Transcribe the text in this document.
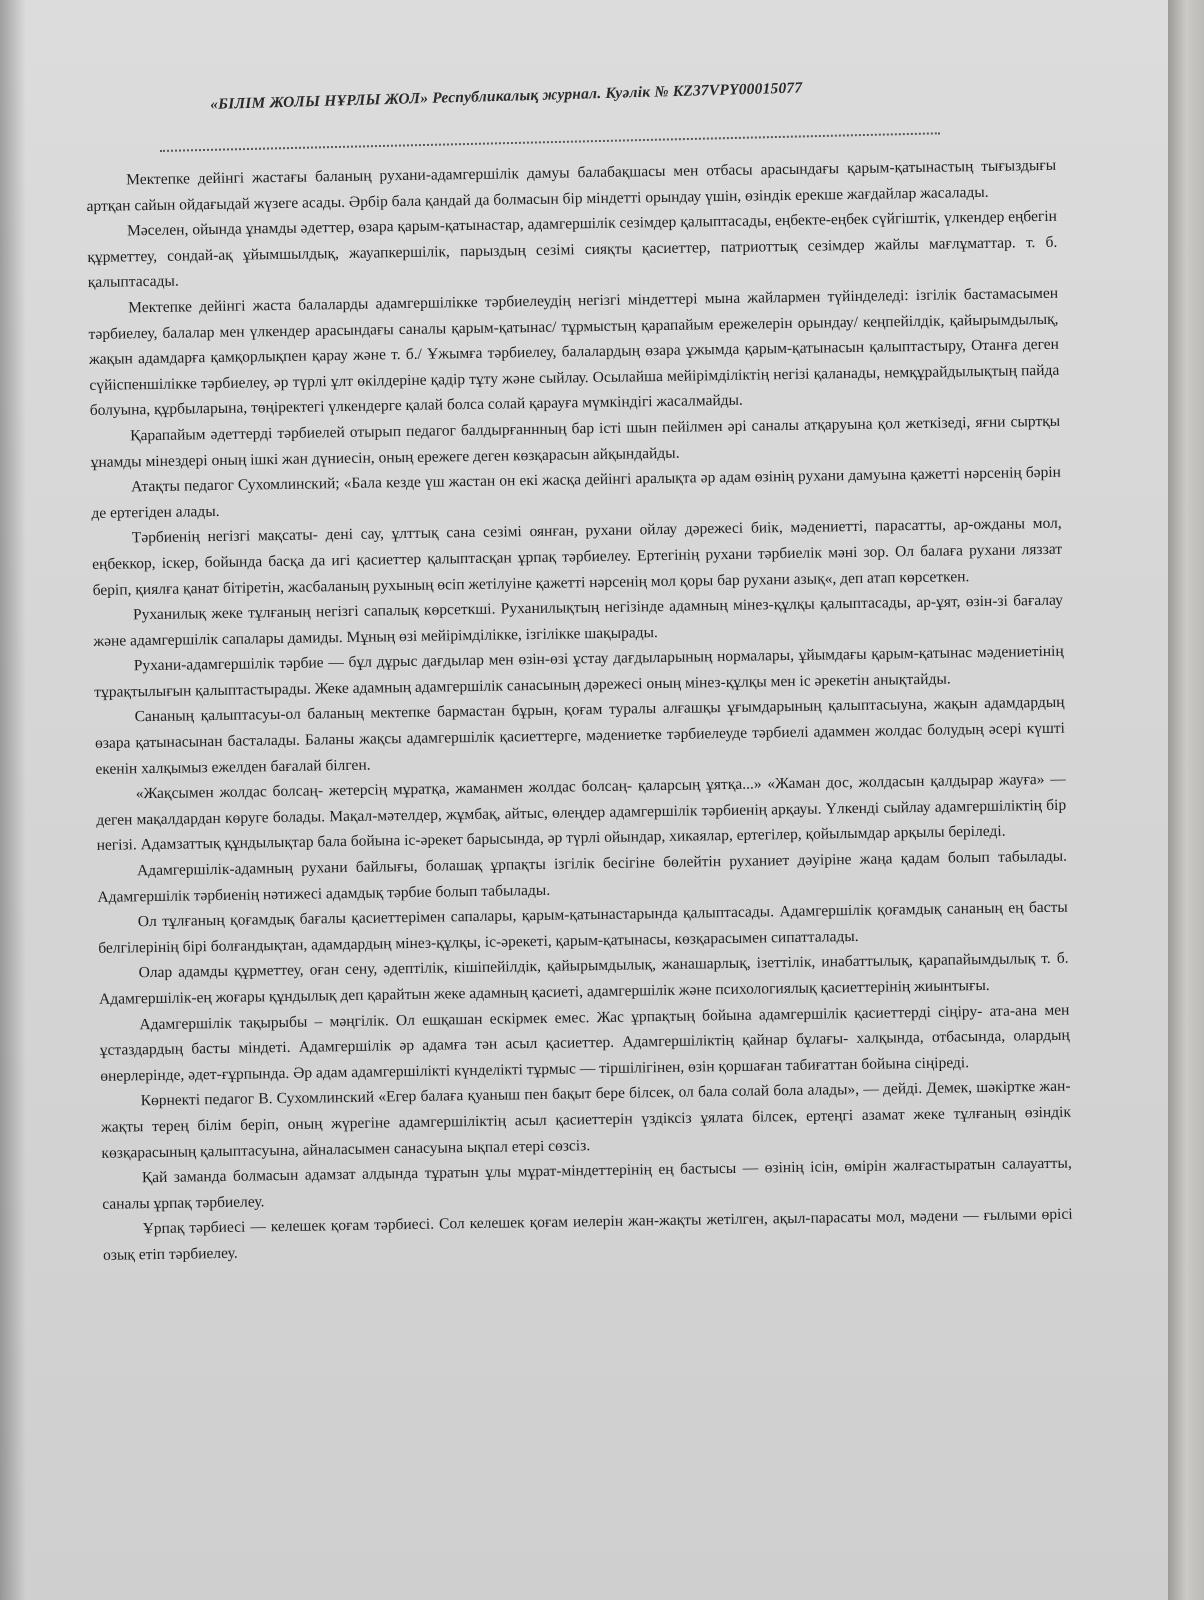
«БІЛІМ ЖОЛЫ НҰРЛЫ ЖОЛ» Республикалық журнал. Куәлік № KZ37VPY00015077

Мектепке дейінгі жастағы баланың рухани-адамгершілік дамуы балабақшасы мен отбасы арасындағы қарым-қатынастың тығыздығы артқан сайын ойдағыдай жүзеге асады. Әрбір бала қандай да болмасын бір міндетті орындау үшін, өзіндік ерекше жағдайлар жасалады.

Мәселен, ойында ұнамды әдеттер, өзара қарым-қатынастар, адамгершілік сезімдер қалыптасады, еңбекте-еңбек сүйгіштік, үлкендер еңбегін құрметтеу, сондай-ақ ұйымшылдық, жауапкершілік, парыздың сезімі сияқты қасиеттер, патриоттық сезімдер жайлы мағлұматтар. т. б. қалыптасады.

Мектепке дейінгі жаста балаларды адамгершілікке тәрбиелеудің негізгі міндеттері мына жайлармен түйінделеді: ізгілік бастамасымен тәрбиелеу, балалар мен үлкендер арасындағы саналы қарым-қатынас/ тұрмыстың қарапайым ережелерін орындау/ кеңпейілдік, қайырымдылық, жақын адамдарға қамқорлықпен қарау және т. б./ Ұжымға тәрбиелеу, балалардың өзара ұжымда қарым-қатынасын қалыптастыру, Отанға деген сүйіспеншілікке тәрбиелеу, әр түрлі ұлт өкілдеріне қадір тұту және сыйлау. Осылайша мейірімділіктің негізі қаланады, немқұрайдылықтың пайда болуына, құрбыларына, төңіректегі үлкендерге қалай болса солай қарауға мүмкіндігі жасалмайды.

Қарапайым әдеттерді тәрбиелей отырып педагог балдырғаннның бар істі шын пейілмен әрі саналы атқаруына қол жеткізеді, яғни сыртқы ұнамды мінездері оның ішкі жан дүниесін, оның ережеге деген көзқарасын айқындайды.

Атақты педагог Сухомлинский; «Бала кезде үш жастан он екі жасқа дейінгі аралықта әр адам өзінің рухани дамуына қажетті нәрсенің бәрін де ертегіден алады.

Тәрбиенің негізгі мақсаты- дені сау, ұлттық сана сезімі оянған, рухани ойлау дәрежесі биік, мәдениетті, парасатты, ар-ожданы мол, еңбеккор, іскер, бойында басқа да игі қасиеттер қалыптасқан ұрпақ тәрбиелеу. Ертегінің рухани тәрбиелік мәні зор. Ол балаға рухани ляззат беріп, қиялға қанат бітіретін, жасбаланың рухының өсіп жетілуіне қажетті нәрсенің мол қоры бар рухани азық«, деп атап көрсеткен.

Руханилық жеке тұлғаның негізгі сапалық көрсеткші. Руханилықтың негізінде адамның мінез-құлқы қалыптасады, ар-ұят, өзін-зі бағалау және адамгершілік сапалары дамиды. Мұның өзі мейірімділікке, ізгілікке шақырады.

Рухани-адамгершілік тәрбие — бұл дұрыс дағдылар мен өзін-өзі ұстау дағдыларының нормалары, ұйымдағы қарым-қатынас мәдениетінің тұрақтылығын қалыптастырады. Жеке адамның адамгершілік санасының дәрежесі оның мінез-құлқы мен іс әрекетін анықтайды.

Сананың қалыптасуы-ол баланың мектепке бармастан бұрын, қоғам туралы алғашқы ұғымдарының қалыптасыуна, жақын адамдардың өзара қатынасынан басталады. Баланы жақсы адамгершілік қасиеттерге, мәдениетке тәрбиелеуде тәрбиелі адаммен жолдас болудың әсері күшті екенін халқымыз ежелден бағалай білген.

«Жақсымен жолдас болсаң- жетерсің мұратқа, жаманмен жолдас болсаң- қаларсың ұятқа...» «Жаман дос, жолдасын қалдырар жауға» — деген мақалдардан көруге болады. Мақал-мәтелдер, жұмбақ, айтыс, өлеңдер адамгершілік тәрбиенің арқауы. Үлкенді сыйлау адамгершіліктің бір негізі. Адамзаттық құндылықтар бала бойына іс-әрекет барысында, әр түрлі ойындар, хикаялар, ертегілер, қойылымдар арқылы беріледі.

Адамгершілік-адамның рухани байлығы, болашақ ұрпақты ізгілік бесігіне бөлейтін руханиет дәуіріне жаңа қадам болып табылады. Адамгершілік тәрбиенің нәтижесі адамдық тәрбие болып табылады.

Ол тұлғаның қоғамдық бағалы қасиеттерімен сапалары, қарым-қатынастарында қалыптасады. Адамгершілік қоғамдық сананың ең басты белгілерінің бірі болғандықтан, адамдардың мінез-құлқы, іс-әрекеті, қарым-қатынасы, көзқарасымен сипатталады.

Олар адамды құрметтеу, оған сену, әдептілік, кішіпейілдік, қайырымдылық, жанашарлық, ізеттілік, инабаттылық, қарапайымдылық т. б. Адамгершілік-ең жоғары құндылық деп қарайтын жеке адамның қасиеті, адамгершілік және психологиялық қасиеттерінің жиынтығы.

Адамгершілік тақырыбы – мәңгілік. Ол ешқашан ескірмек емес. Жас ұрпақтың бойына адамгершілік қасиеттерді сіңіру- ата-ана мен ұстаздардың басты міндеті. Адамгершілік әр адамға тән асыл қасиеттер. Адамгершіліктің қайнар бұлағы- халқында, отбасында, олардың өнерлерінде, әдет-ғұрпында. Әр адам адамгершілікті күнделікті тұрмыс — тіршілігінен, өзін қоршаған табиғаттан бойына сіңіреді.

Көрнекті педагог В. Сухомлинский «Егер балаға қуаныш пен бақыт бере білсек, ол бала солай бола алады», — дейді. Демек, шәкіртке жан-жақты терең білім беріп, оның жүрегіне адамгершіліктің асыл қасиеттерін үздіксіз ұялата білсек, ертеңгі азамат жеке тұлғаның өзіндік көзқарасының қалыптасуына, айналасымен санасуына ықпал етері сөзсіз.

Қай заманда болмасын адамзат алдында тұратын ұлы мұрат-міндеттерінің ең бастысы — өзінің ісін, өмірін жалғастыратын салауатты, саналы ұрпақ тәрбиелеу.

Ұрпақ тәрбиесі — келешек қоғам тәрбиесі. Сол келешек қоғам иелерін жан-жақты жетілген, ақыл-парасаты мол, мәдени — ғылыми өрісі озық етіп тәрбиелеу.
